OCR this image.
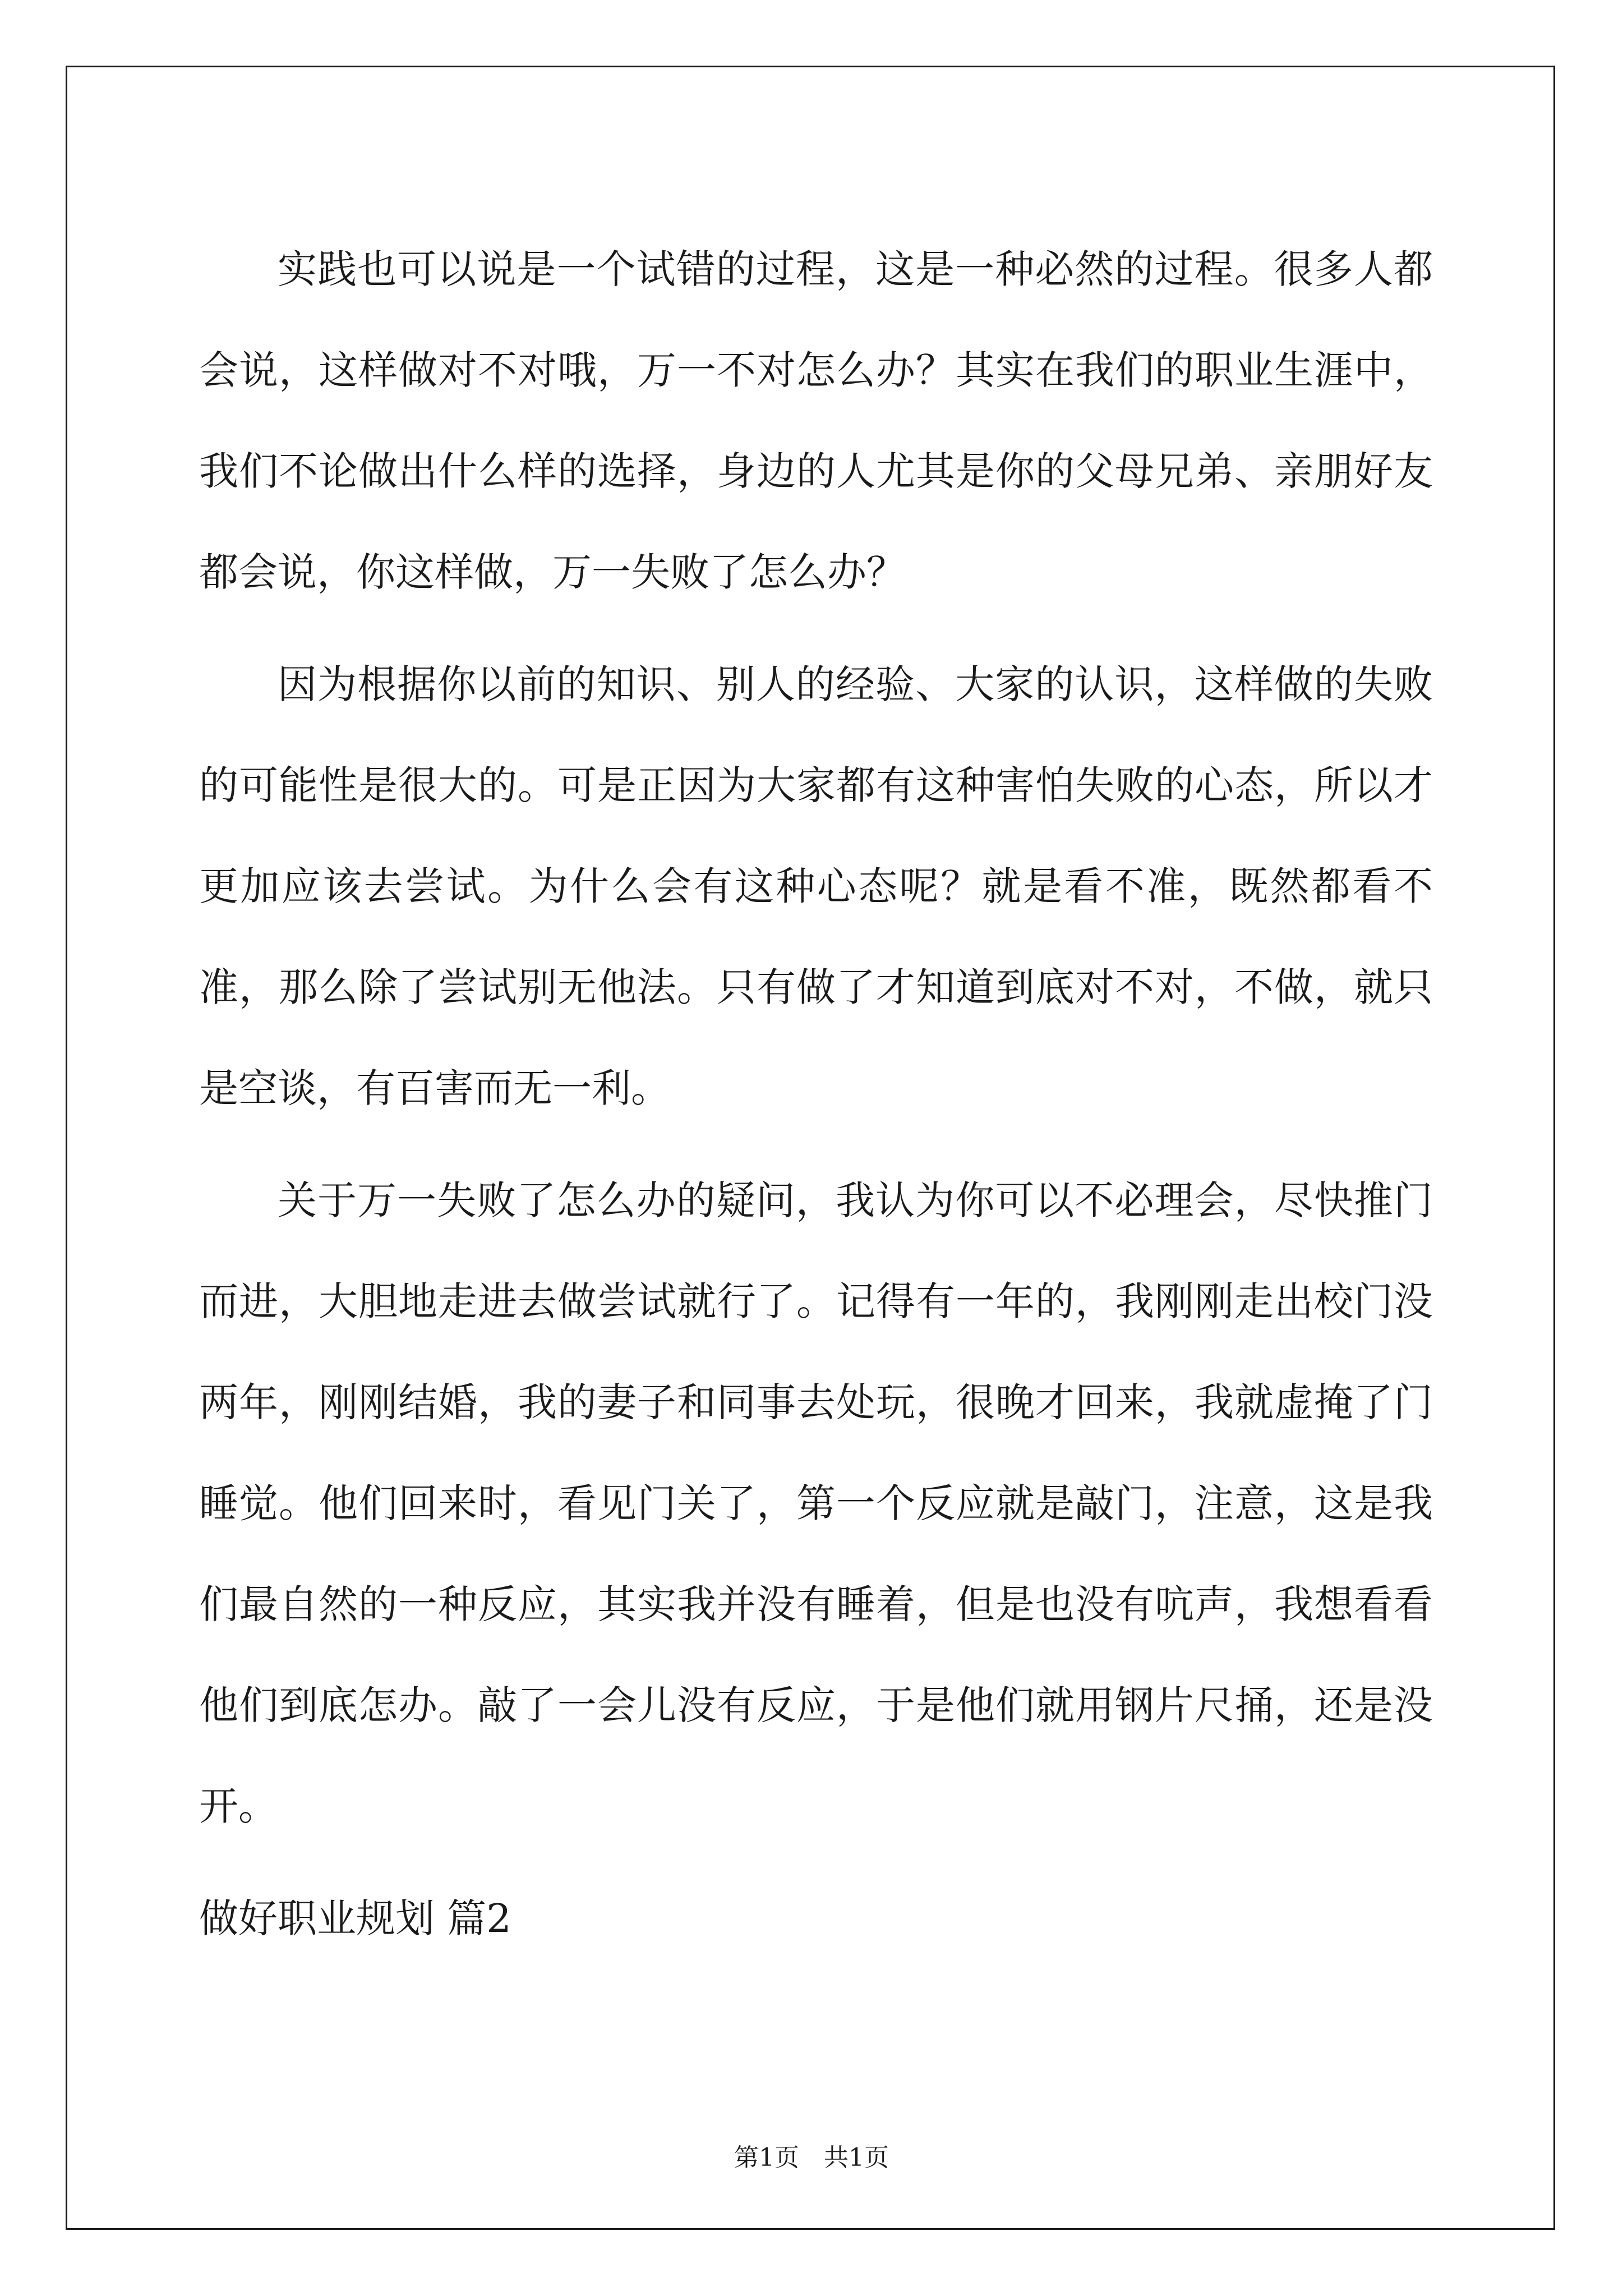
实践也可以说是一个试错的过程，这是一种必然的过程。很多人都会说，这样做对不对哦，万一不对怎么办？其实在我们的职业生涯中，我们不论做出什么样的选择，身边的人尤其是你的父母兄弟、亲朋好友都会说，你这样做，万一失败了怎么办？

因为根据你以前的知识、别人的经验、大家的认识，这样做的失败的可能性是很大的。可是正因为大家都有这种害怕失败的心态，所以才更加应该去尝试。为什么会有这种心态呢？就是看不准，既然都看不准，那么除了尝试别无他法。只有做了才知道到底对不对，不做，就只是空谈，有百害而无一利。

关于万一失败了怎么办的疑问，我认为你可以不必理会，尽快推门而进，大胆地走进去做尝试就行了。记得有一年的，我刚刚走出校门没两年，刚刚结婚，我的妻子和同事去处玩，很晚才回来，我就虚掩了门睡觉。他们回来时，看见门关了，第一个反应就是敲门，注意，这是我们最自然的一种反应，其实我并没有睡着，但是也没有吭声，我想看看他们到底怎办。敲了一会儿没有反应，于是他们就用钢片尺捅，还是没开。

做好职业规划 篇2

第1页　共1页
